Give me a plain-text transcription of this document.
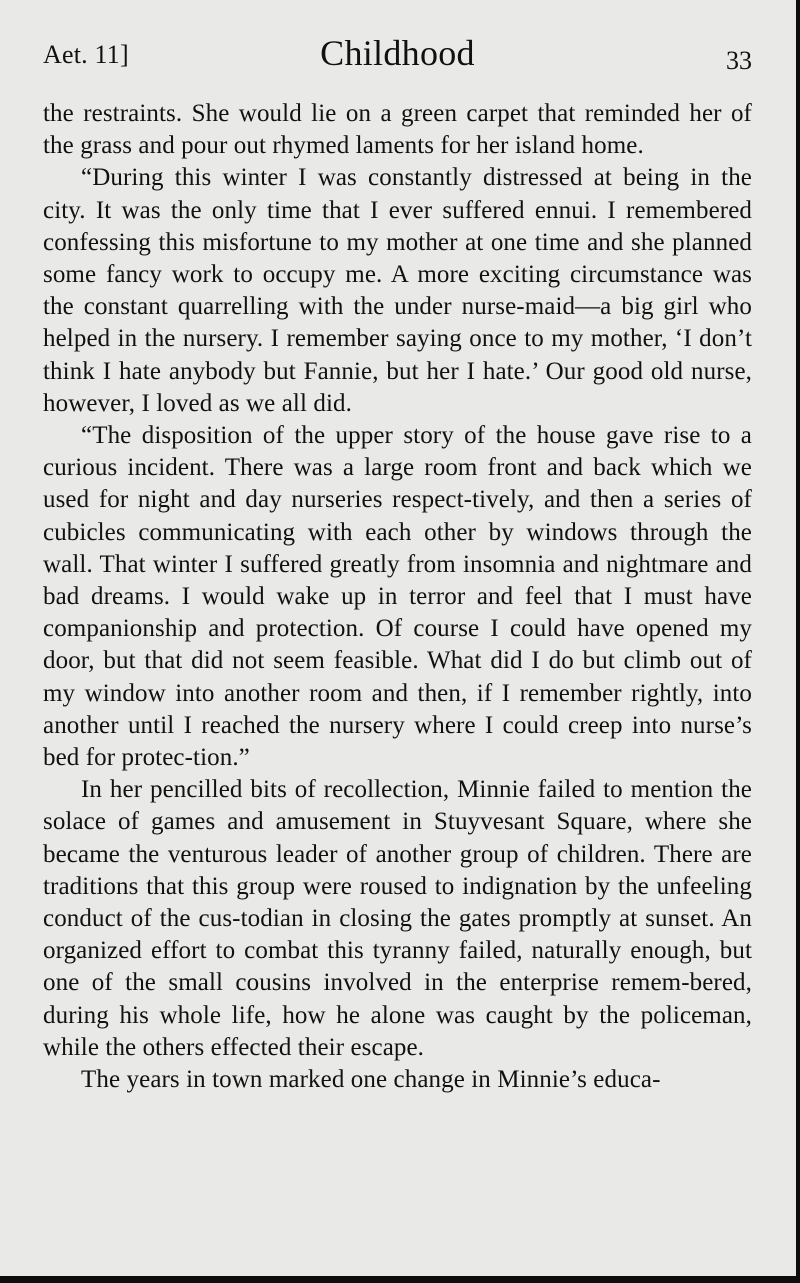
Aet. 11]	Childhood	33

the restraints. She would lie on a green carpet that reminded her of the grass and pour out rhymed laments for her island home.

“During this winter I was constantly distressed at being in the city. It was the only time that I ever suffered ennui. I remembered confessing this misfortune to my mother at one time and she planned some fancy work to occupy me. A more exciting circumstance was the constant quarrelling with the under nurse-maid—a big girl who helped in the nursery. I remember saying once to my mother, ‘I don’t think I hate anybody but Fannie, but her I hate.’ Our good old nurse, however, I loved as we all did.

“The disposition of the upper story of the house gave rise to a curious incident. There was a large room front and back which we used for night and day nurseries respect-tively, and then a series of cubicles communicating with each other by windows through the wall. That winter I suffered greatly from insomnia and nightmare and bad dreams. I would wake up in terror and feel that I must have companionship and protection. Of course I could have opened my door, but that did not seem feasible. What did I do but climb out of my window into another room and then, if I remember rightly, into another until I reached the nursery where I could creep into nurse’s bed for protec-tion.”

In her pencilled bits of recollection, Minnie failed to mention the solace of games and amusement in Stuyvesant Square, where she became the venturous leader of another group of children. There are traditions that this group were roused to indignation by the unfeeling conduct of the cus-todian in closing the gates promptly at sunset. An organized effort to combat this tyranny failed, naturally enough, but one of the small cousins involved in the enterprise remem-bered, during his whole life, how he alone was caught by the policeman, while the others effected their escape.

The years in town marked one change in Minnie’s educa-
